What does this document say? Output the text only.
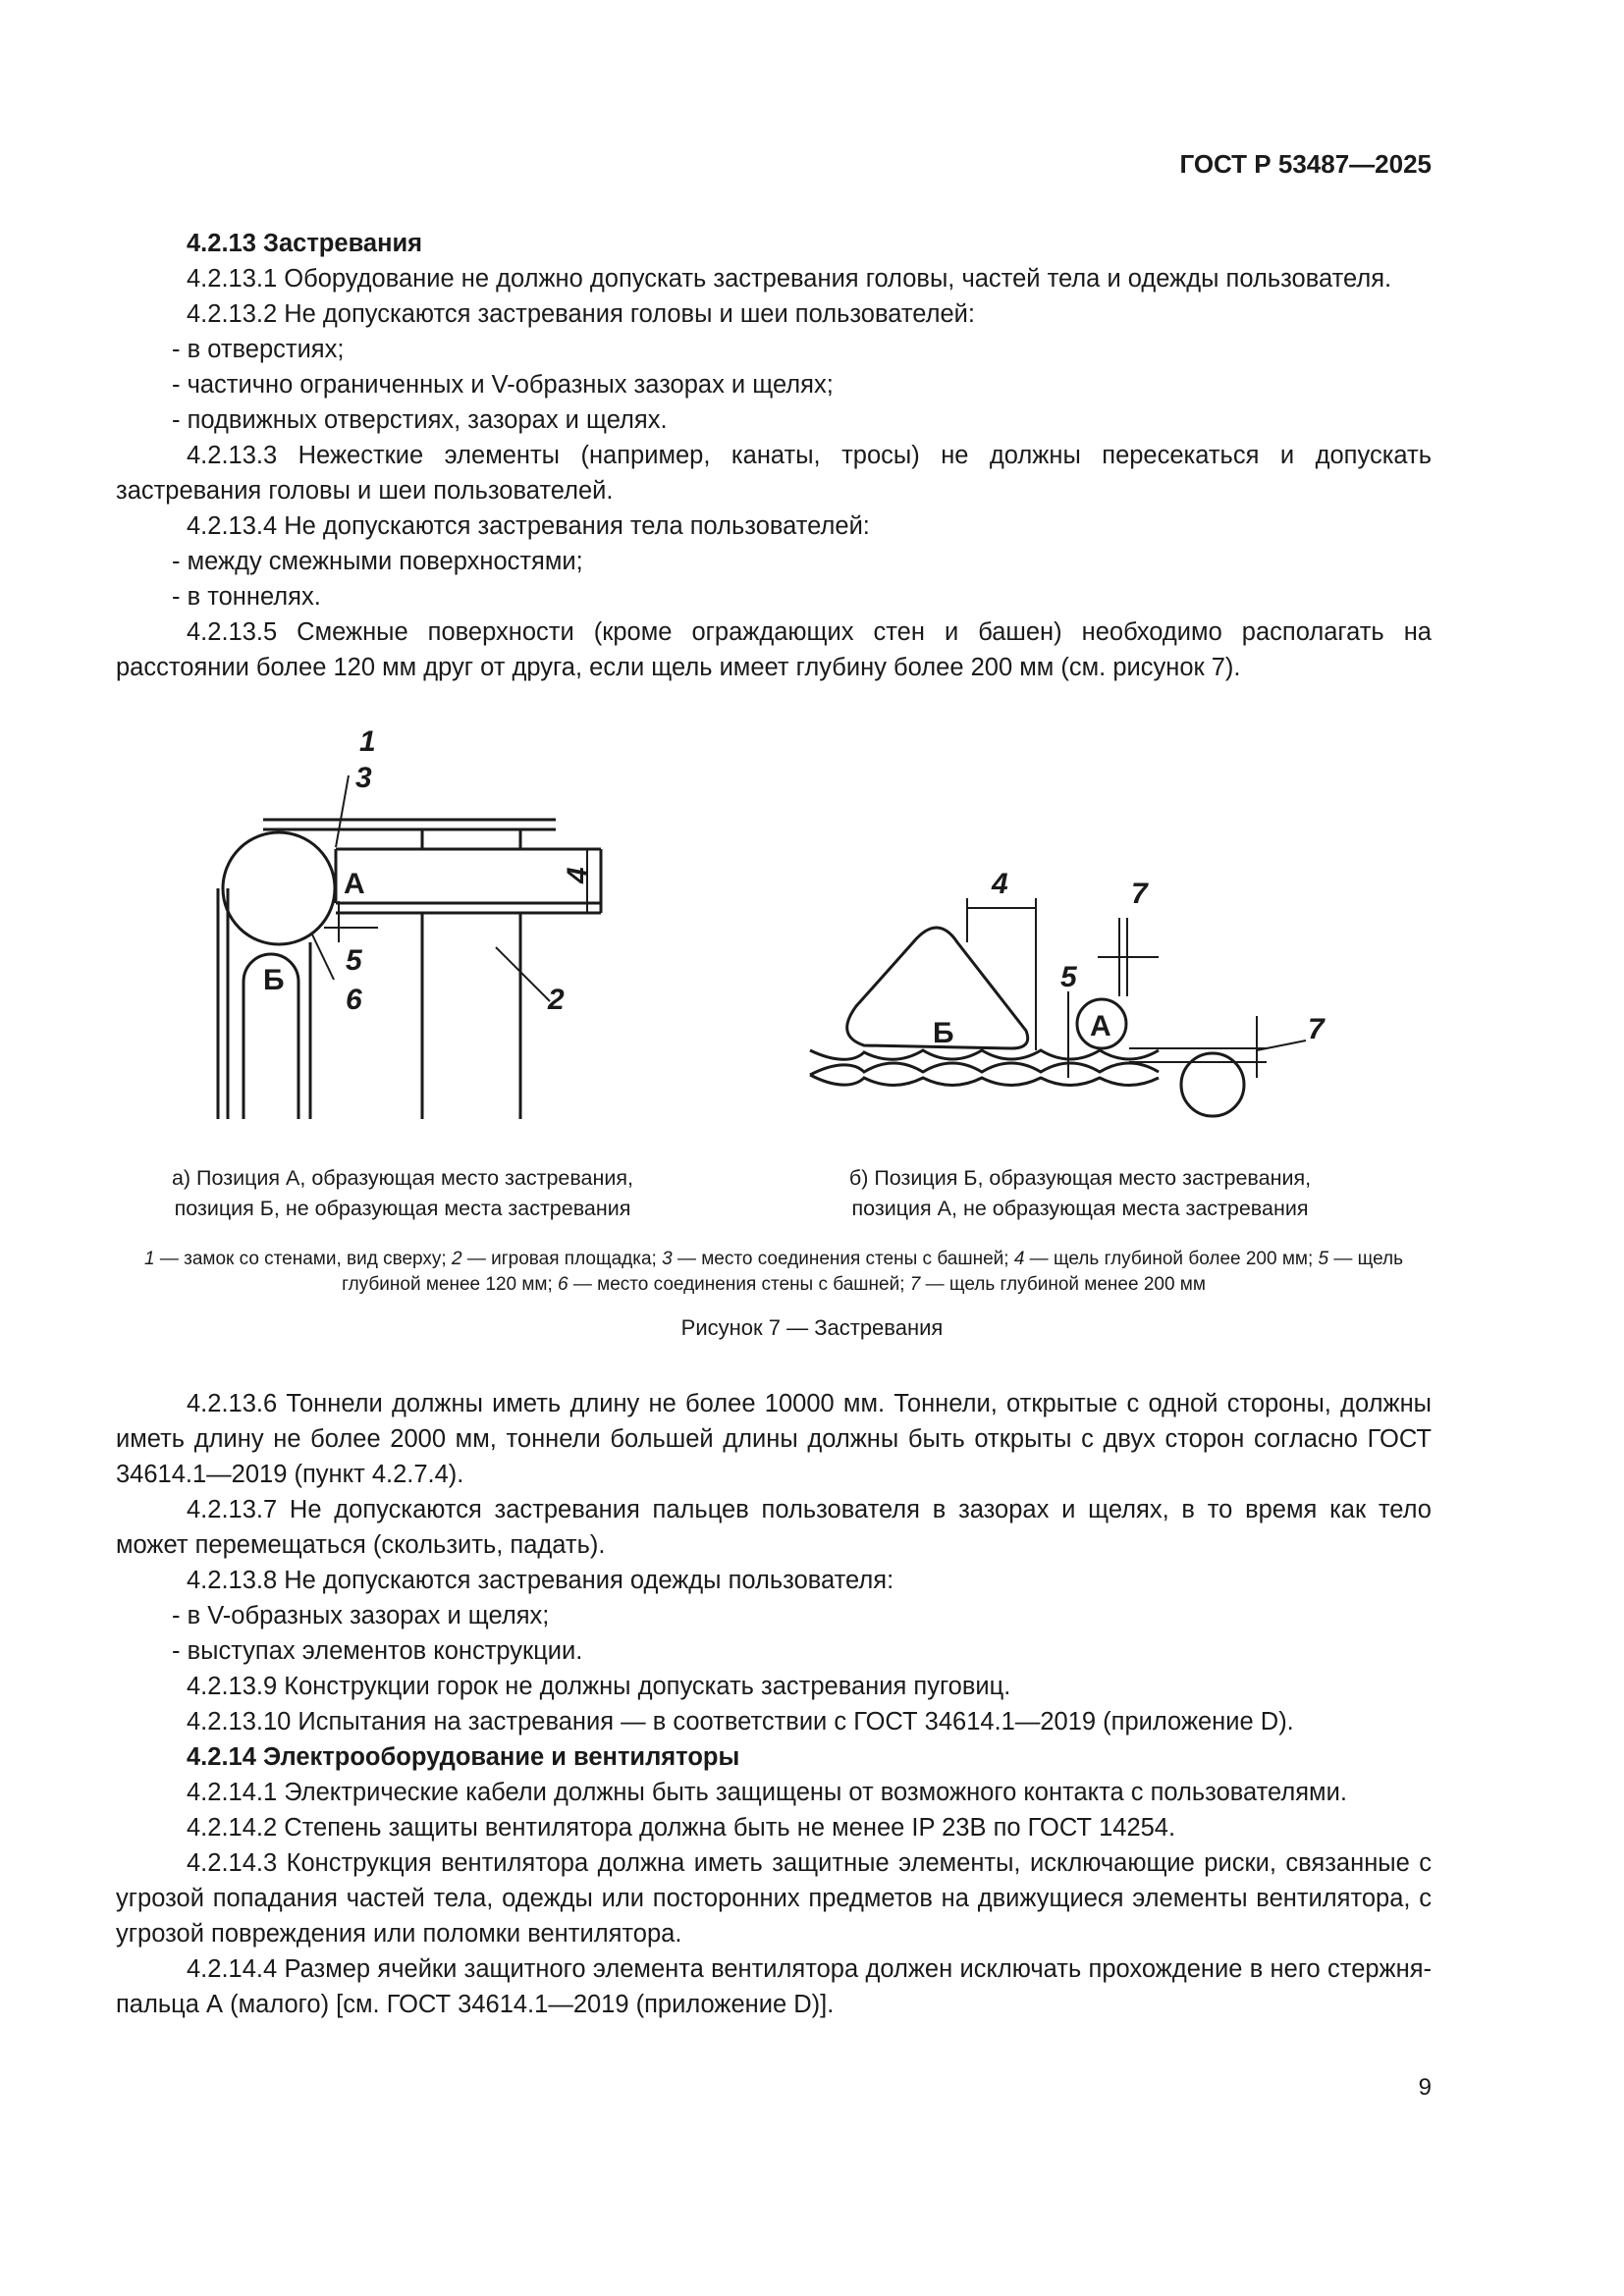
ГОСТ Р 53487—2025

4.2.13 Застревания

4.2.13.1 Оборудование не должно допускать застревания головы, частей тела и одежды пользователя.

4.2.13.2 Не допускаются застревания головы и шеи пользователей:

- в отверстиях;

- частично ограниченных и V-образных зазорах и щелях;

- подвижных отверстиях, зазорах и щелях.

4.2.13.3 Нежесткие элементы (например, канаты, тросы) не должны пересекаться и допускать застревания головы и шеи пользователей.

4.2.13.4 Не допускаются застревания тела пользователей:

- между смежными поверхностями;

- в тоннелях.

4.2.13.5 Смежные поверхности (кроме ограждающих стен и башен) необходимо располагать на расстоянии более 120 мм друг от друга, если щель имеет глубину более 200 мм (см. рисунок 7).

1
3
4
А
Б
5
6	2
4
5
7
7
А
Б
а) Позиция А, образующая место застревания,
позиция Б, не образующая места застревания
б) Позиция Б, образующая место застревания,
позиция А, не образующая места застревания
1 — замок со стенами, вид сверху; 2 — игровая площадка; 3 — место соединения стены с башней; 4 — щель глубиной более 200 мм; 5 — щель глубиной менее 120 мм; 6 — место соединения стены с башней; 7 — щель глубиной менее 200 мм
Рисунок 7 — Застревания

4.2.13.6 Тоннели должны иметь длину не более 10000 мм. Тоннели, открытые с одной стороны, должны иметь длину не более 2000 мм, тоннели большей длины должны быть открыты с двух сторон согласно ГОСТ 34614.1—2019 (пункт 4.2.7.4).

4.2.13.7 Не допускаются застревания пальцев пользователя в зазорах и щелях, в то время как тело может перемещаться (скользить, падать).

4.2.13.8 Не допускаются застревания одежды пользователя:

- в V-образных зазорах и щелях;

- выступах элементов конструкции.

4.2.13.9 Конструкции горок не должны допускать застревания пуговиц.

4.2.13.10 Испытания на застревания — в соответствии с ГОСТ 34614.1—2019 (приложение D).

4.2.14 Электрооборудование и вентиляторы

4.2.14.1 Электрические кабели должны быть защищены от возможного контакта с пользователями.

4.2.14.2 Степень защиты вентилятора должна быть не менее IP 23B по ГОСТ 14254.

4.2.14.3 Конструкция вентилятора должна иметь защитные элементы, исключающие риски, связанные с угрозой попадания частей тела, одежды или посторонних предметов на движущиеся элементы вентилятора, с угрозой повреждения или поломки вентилятора.

4.2.14.4 Размер ячейки защитного элемента вентилятора должен исключать прохождение в него стержня-пальца А (малого) [см. ГОСТ 34614.1—2019 (приложение D)].

9
